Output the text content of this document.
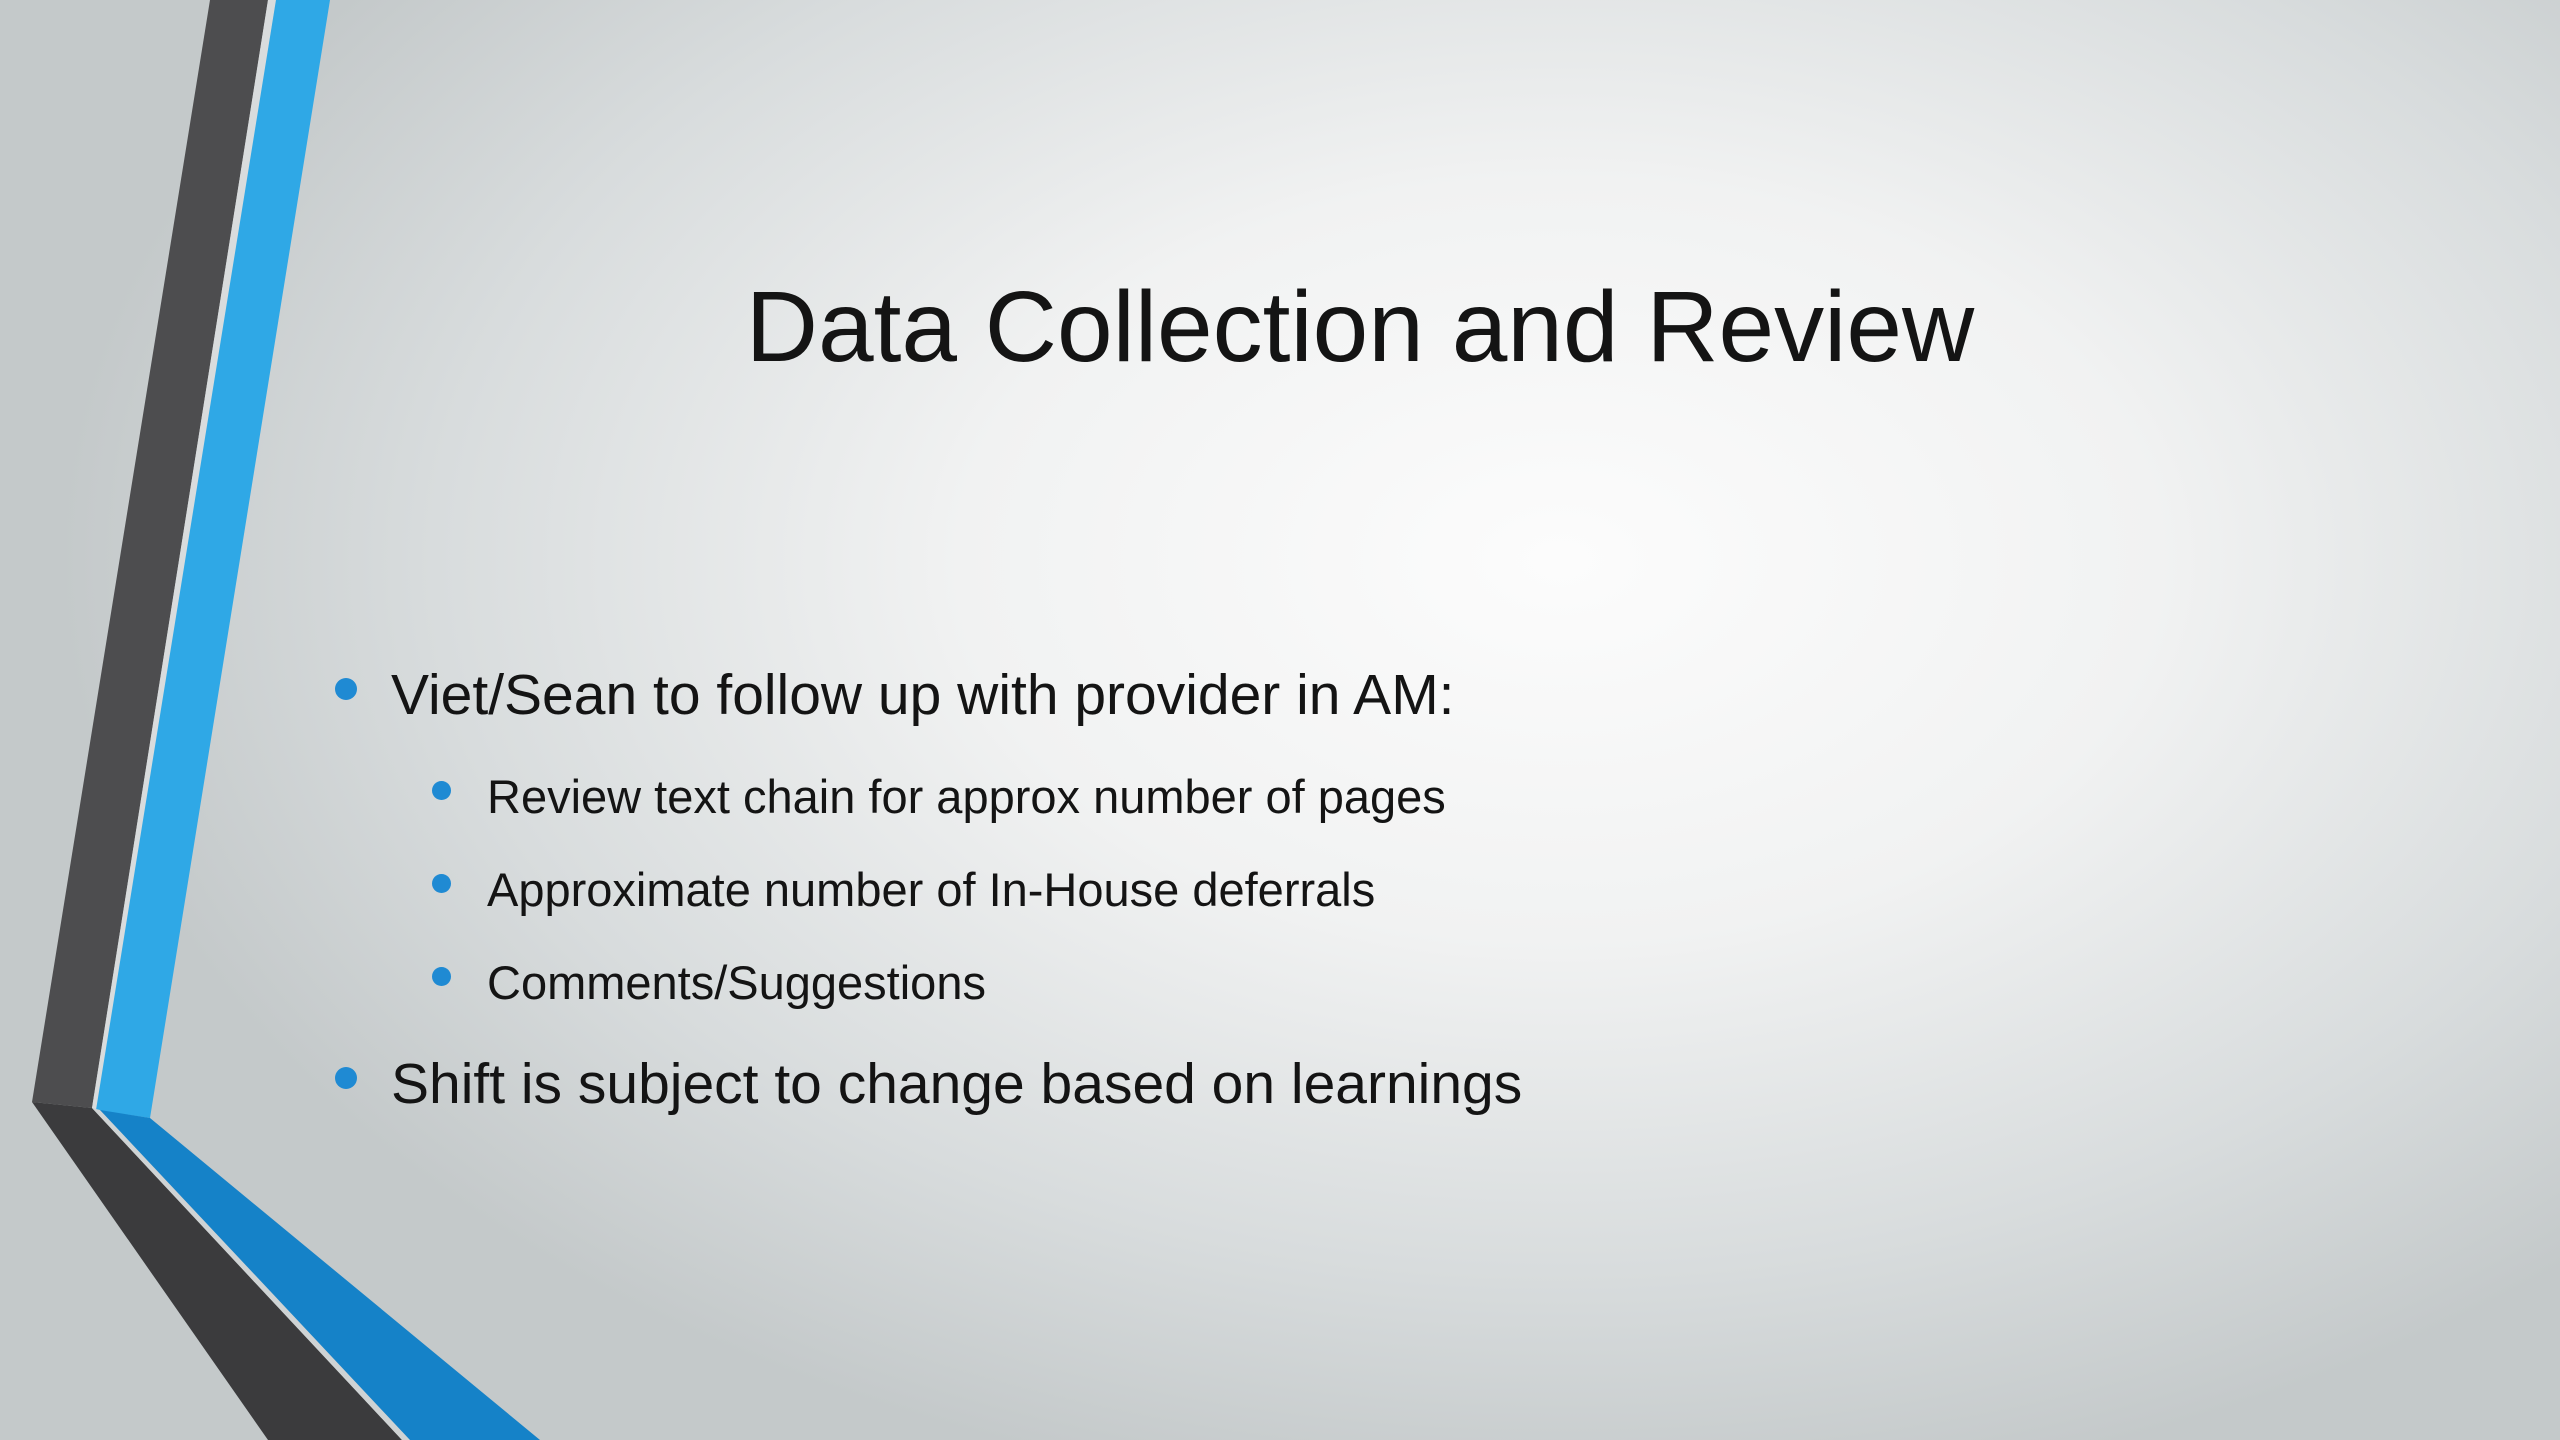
Data Collection and Review
Viet/Sean to follow up with provider in AM:
Review text chain for approx number of pages
Approximate number of In-House deferrals
Comments/Suggestions
Shift is subject to change based on learnings
